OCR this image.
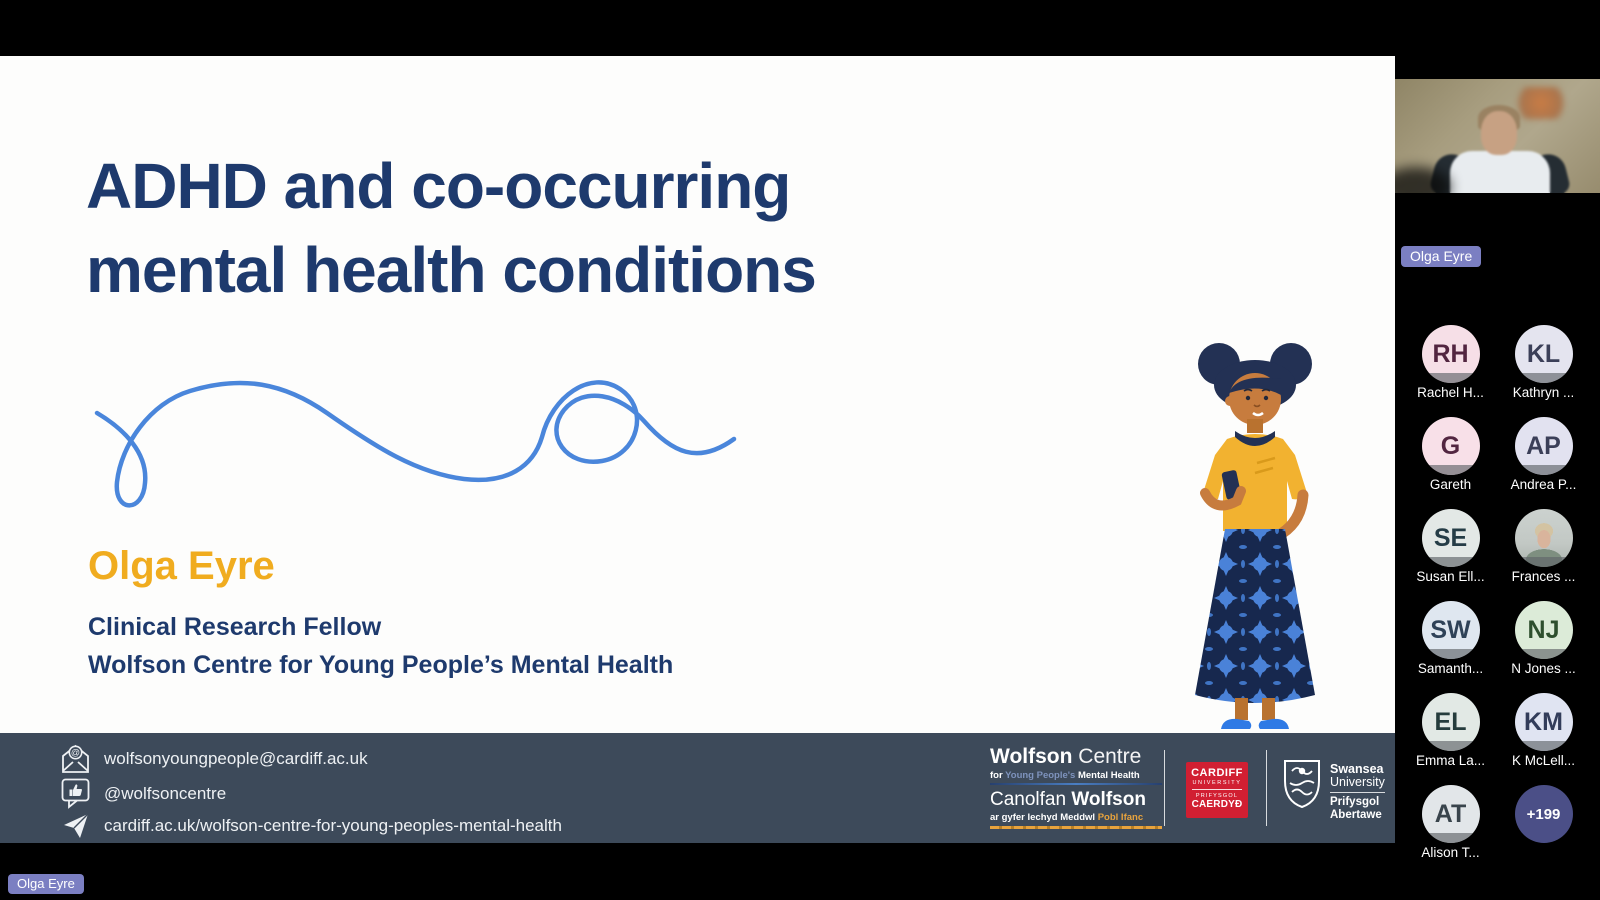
ADHD and co-occurring
mental health conditions
Olga Eyre
Clinical Research Fellow
Wolfson Centre for Young People’s Mental Health
@ wolfsonyoungpeople@cardiff.ac.uk
@wolfsoncentre
cardiff.ac.uk/wolfson-centre-for-young-peoples-mental-health
Wolfson Centre
for Young People's Mental Health
Canolfan Wolfson
ar gyfer Iechyd Meddwl Pobl Ifanc
CARDIFF
UNIVERSITY
PRIFYSGOL
CAERDYÐ
Swansea
University
Prifysgol
Abertawe
Olga Eyre
RH
Rachel H...
KL
Kathryn ...
G
Gareth
AP
Andrea P...
SE
Susan Ell... Frances ...
SW
Samanth...
NJ
N Jones ...
EL
Emma La...
KM
K McLell...
AT
Alison T...
+199
Olga Eyre
